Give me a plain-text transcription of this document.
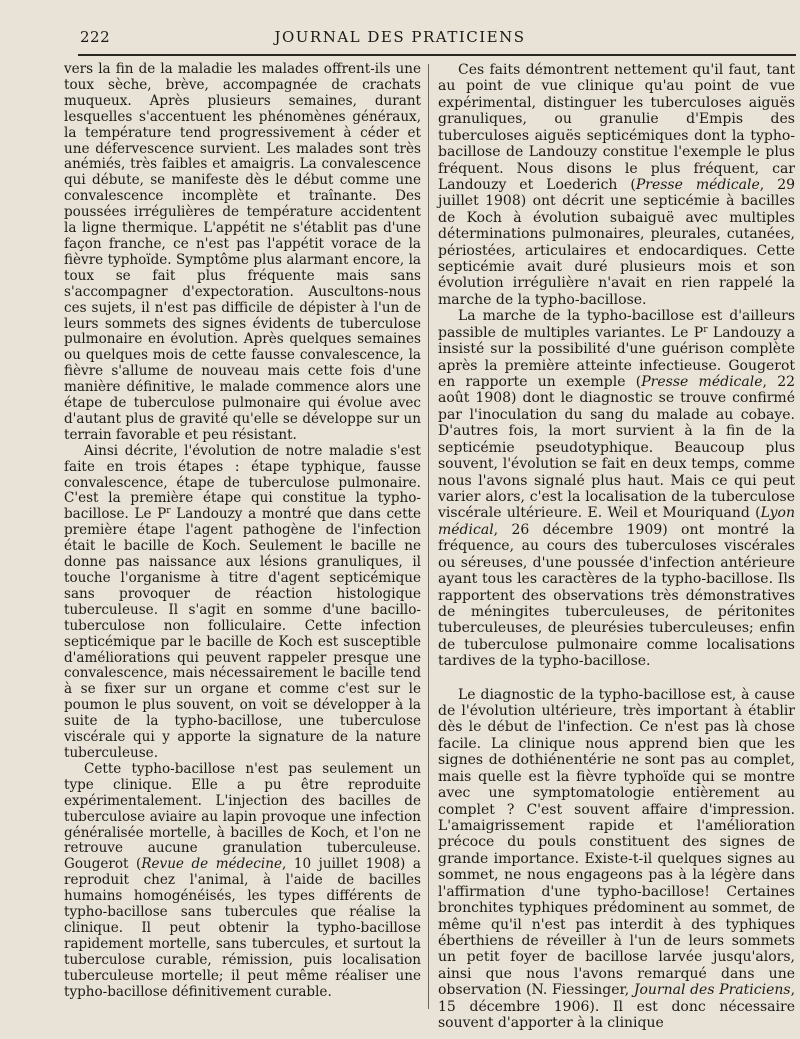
222	JOURNAL DES PRATICIENS

vers la fin de la maladie les malades offrent-ils une toux sèche, brève, accompagnée de crachats muqueux. Après plusieurs semaines, durant lesquelles s'accentuent les phénomènes généraux, la température tend progressivement à céder et une défervescence survient. Les malades sont très anémiés, très faibles et amaigris. La convalescence qui débute, se manifeste dès le début comme une convalescence incomplète et traînante. Des poussées irrégulières de température accidentent la ligne thermique. L'appétit ne s'établit pas d'une façon franche, ce n'est pas l'appétit vorace de la fièvre typhoïde. Symptôme plus alarmant encore, la toux se fait plus fréquente mais sans s'accompagner d'expectoration. Auscultons-nous ces sujets, il n'est pas difficile de dépister à l'un de leurs sommets des signes évidents de tuberculose pulmonaire en évolution. Après quelques semaines ou quelques mois de cette fausse convalescence, la fièvre s'allume de nouveau mais cette fois d'une manière définitive, le malade commence alors une étape de tuberculose pulmonaire qui évolue avec d'autant plus de gravité qu'elle se développe sur un terrain favorable et peu résistant.

Ainsi décrite, l'évolution de notre maladie s'est faite en trois étapes : étape typhique, fausse convalescence, étape de tuberculose pulmonaire. C'est la première étape qui constitue la typho-bacillose. Le $P^r$ Landouzy a montré que dans cette première étape l'agent pathogène de l'infection était le bacille de Koch. Seulement le bacille ne donne pas naissance aux lésions granuliques, il touche l'organisme à titre d'agent septicémique sans provoquer de réaction histologique tuberculeuse. Il s'agit en somme d'une bacillo-tuberculose non folliculaire. Cette infection septicémique par le bacille de Koch est susceptible d'améliorations qui peuvent rappeler presque une convalescence, mais nécessairement le bacille tend à se fixer sur un organe et comme c'est sur le poumon le plus souvent, on voit se développer à la suite de la typho-bacillose, une tuberculose viscérale qui y apporte la signature de la nature tuberculeuse.

Cette typho-bacillose n'est pas seulement un type clinique. Elle a pu être reproduite expérimentalement. L'injection des bacilles de tuberculose aviaire au lapin provoque une infection généralisée mortelle, à bacilles de Koch, et l'on ne retrouve aucune granulation tuberculeuse. Gougerot (Revue de médecine, 10 juillet 1908) a reproduit chez l'animal, à l'aide de bacilles humains homogénéisés, les types différents de typho-bacillose sans tubercules que réalise la clinique. Il peut obtenir la typho-bacillose rapidement mortelle, sans tubercules, et surtout la tuberculose curable, rémission, puis localisation tuberculeuse mortelle; il peut même réaliser une typho-bacillose définitivement curable.

Ces faits démontrent nettement qu'il faut, tant au point de vue clinique qu'au point de vue expérimental, distinguer les tuberculoses aiguës granuliques, ou granulie d'Empis des tuberculoses aiguës septicémiques dont la typho-bacillose de Landouzy constitue l'exemple le plus fréquent. Nous disons le plus fréquent, car Landouzy et Loederich (Presse médicale, 29 juillet 1908) ont décrit une septicémie à bacilles de Koch à évolution subaiguë avec multiples déterminations pulmonaires, pleurales, cutanées, périostées, articulaires et endocardiques. Cette septicémie avait duré plusieurs mois et son évolution irrégulière n'avait en rien rappelé la marche de la typho-bacillose.

La marche de la typho-bacillose est d'ailleurs passible de multiples variantes. Le $P^r$ Landouzy a insisté sur la possibilité d'une guérison complète après la première atteinte infectieuse. Gougerot en rapporte un exemple (Presse médicale, 22 août 1908) dont le diagnostic se trouve confirmé par l'inoculation du sang du malade au cobaye. D'autres fois, la mort survient à la fin de la septicémie pseudotyphique. Beaucoup plus souvent, l'évolution se fait en deux temps, comme nous l'avons signalé plus haut. Mais ce qui peut varier alors, c'est la localisation de la tuberculose viscérale ultérieure. E. Weil et Mouriquand (Lyon médical, 26 décembre 1909) ont montré la fréquence, au cours des tuberculoses viscérales ou séreuses, d'une poussée d'infection antérieure ayant tous les caractères de la typho-bacillose. Ils rapportent des observations très démonstratives de méningites tuberculeuses, de péritonites tuberculeuses, de pleurésies tuberculeuses; enfin de tuberculose pulmonaire comme localisations tardives de la typho-bacillose.

Le diagnostic de la typho-bacillose est, à cause de l'évolution ultérieure, très important à établir dès le début de l'infection. Ce n'est pas là chose facile. La clinique nous apprend bien que les signes de dothiénentérie ne sont pas au complet, mais quelle est la fièvre typhoïde qui se montre avec une symptomatologie entièrement au complet ? C'est souvent affaire d'impression. L'amaigrissement rapide et l'amélioration précoce du pouls constituent des signes de grande importance. Existe-t-il quelques signes au sommet, ne nous engageons pas à la légère dans l'affirmation d'une typho-bacillose! Certaines bronchites typhiques prédominent au sommet, de même qu'il n'est pas interdit à des typhiques éberthiens de réveiller à l'un de leurs sommets un petit foyer de bacillose larvée jusqu'alors, ainsi que nous l'avons remarqué dans une observation (N. Fiessinger, Journal des Praticiens, 15 décembre 1906). Il est donc nécessaire souvent d'apporter à la clinique
